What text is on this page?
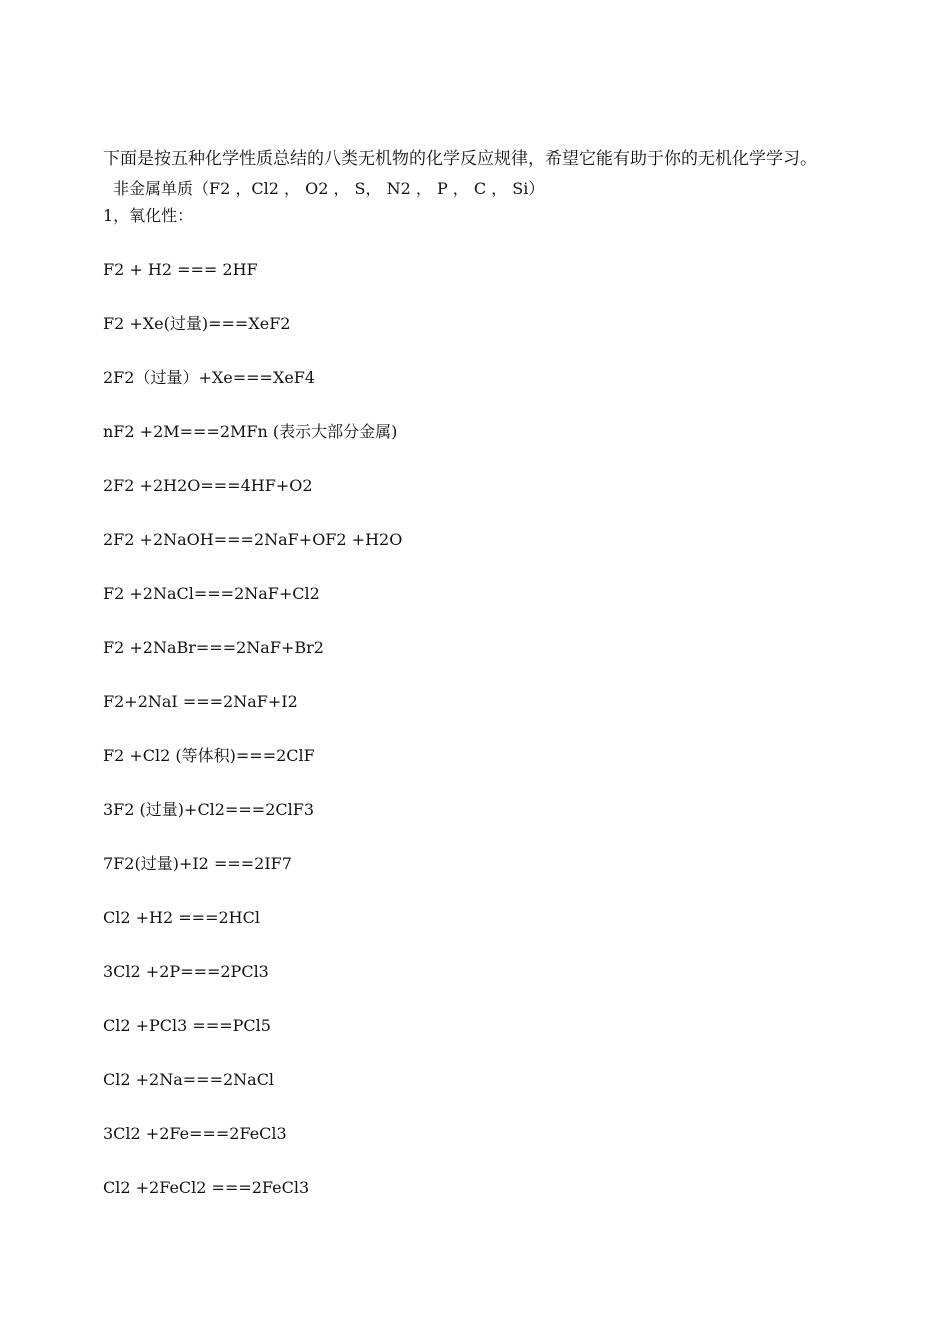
下面是按五种化学性质总结的八类无机物的化学反应规律，希望它能有助于你的无机化学学习。
非金属单质（F2 ，Cl2 ， O2 ， S， N2 ， P ， C ， Si）
1，氧化性：
F2 + H2 === 2HF
F2 +Xe(过量)===XeF2
2F2（过量）+Xe===XeF4
nF2 +2M===2MFn (表示大部分金属)
2F2 +2H2O===4HF+O2
2F2 +2NaOH===2NaF+OF2 +H2O
F2 +2NaCl===2NaF+Cl2
F2 +2NaBr===2NaF+Br2
F2+2NaI ===2NaF+I2
F2 +Cl2 (等体积)===2ClF
3F2 (过量)+Cl2===2ClF3
7F2(过量)+I2 ===2IF7
Cl2 +H2 ===2HCl
3Cl2 +2P===2PCl3
Cl2 +PCl3 ===PCl5
Cl2 +2Na===2NaCl
3Cl2 +2Fe===2FeCl3
Cl2 +2FeCl2 ===2FeCl3
